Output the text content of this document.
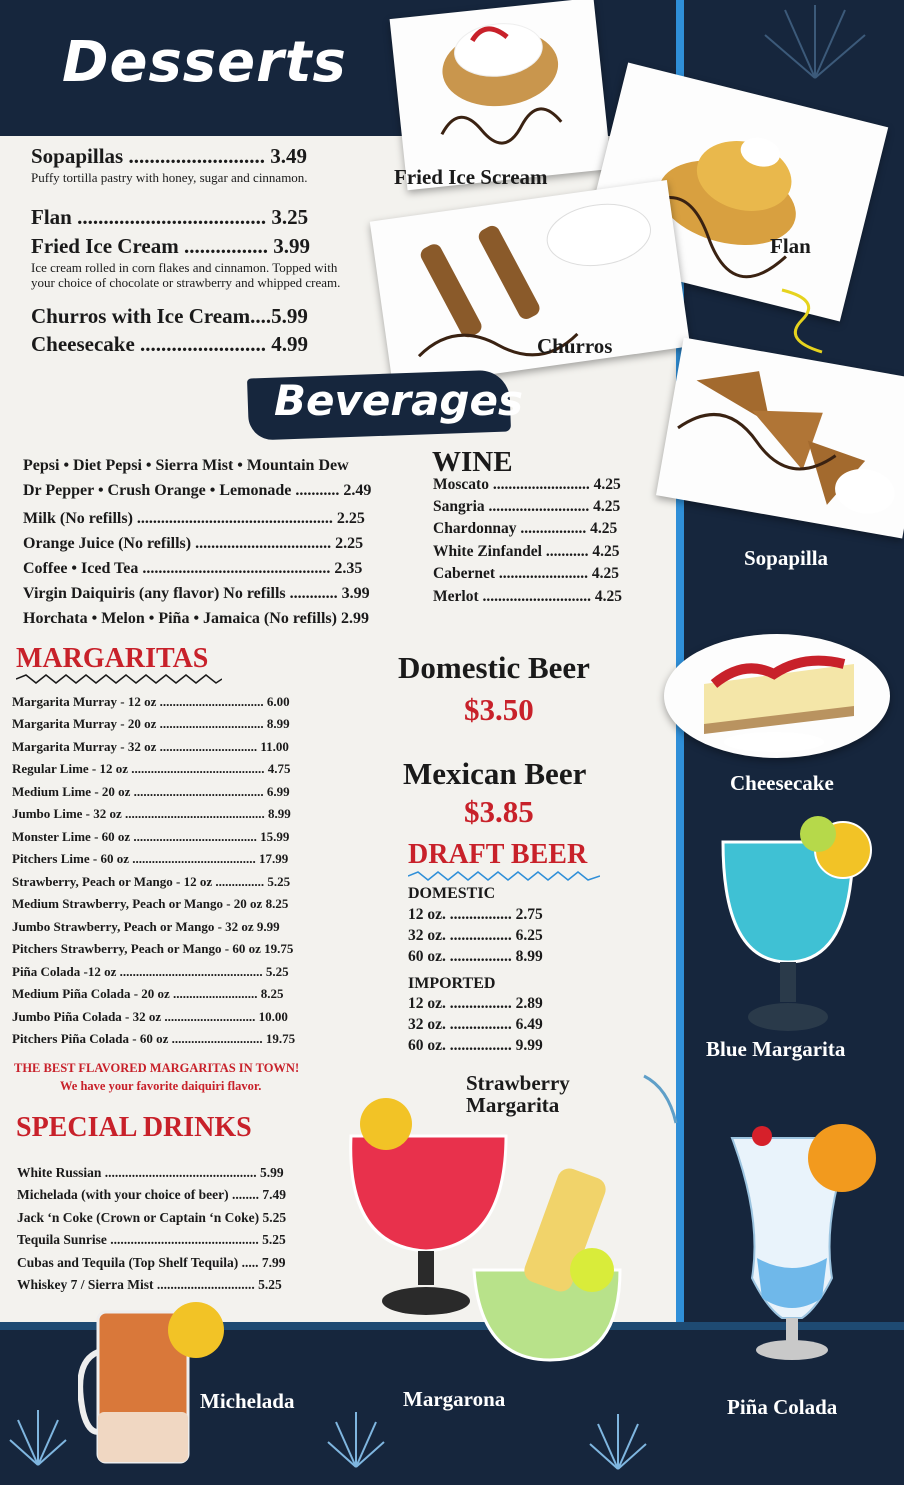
Desserts
Beverages
Sopapillas .......................... 3.49
Puffy tortilla pastry with honey, sugar and cinnamon.
Flan .................................... 3.25
Fried Ice Cream ................ 3.99
Ice cream rolled in corn flakes and cinnamon. Topped with your choice of chocolate or strawberry and whipped cream.
Churros with Ice Cream....5.99
Cheesecake ........................ 4.99
Pepsi • Diet Pepsi • Sierra Mist • Mountain Dew
Dr Pepper • Crush Orange • Lemonade ........... 2.49
Milk (No refills) ................................................. 2.25
Orange Juice (No refills) .................................. 2.25
Coffee • Iced Tea ............................................... 2.35
Virgin Daiquiris (any flavor) No refills ............ 3.99
Horchata • Melon • Piña • Jamaica (No refills) 2.99
WINE
Moscato ......................... 4.25
Sangria .......................... 4.25
Chardonnay ................. 4.25
White Zinfandel ........... 4.25
Cabernet ....................... 4.25
Merlot ............................ 4.25
MARGARITAS
Margarita Murray - 12 oz ................................ 6.00
Margarita Murray - 20 oz ................................ 8.99
Margarita Murray - 32 oz .............................. 11.00
Regular Lime - 12 oz ......................................... 4.75
Medium Lime - 20 oz ........................................ 6.99
Jumbo Lime - 32 oz ........................................... 8.99
Monster Lime - 60 oz ...................................... 15.99
Pitchers Lime - 60 oz ...................................... 17.99
Strawberry, Peach or Mango - 12 oz ............... 5.25
Medium Strawberry, Peach or Mango - 20 oz 8.25
Jumbo Strawberry, Peach or Mango - 32 oz 9.99
Pitchers Strawberry, Peach or Mango - 60 oz 19.75
Piña Colada -12 oz ............................................ 5.25
Medium Piña Colada - 20 oz .......................... 8.25
Jumbo Piña Colada - 32 oz ............................ 10.00
Pitchers Piña Colada - 60 oz ............................ 19.75
THE BEST FLAVORED MARGARITAS IN TOWN!
We have your favorite daiquiri flavor.
SPECIAL DRINKS
White Russian ............................................. 5.99
Michelada (with your choice of beer) ........ 7.49
Jack ‘n Coke (Crown or Captain ‘n Coke) 5.25
Tequila Sunrise ............................................ 5.25
Cubas and Tequila (Top Shelf Tequila) ..... 7.99
Whiskey 7 / Sierra Mist ............................. 5.25
Domestic Beer
$3.50
Mexican Beer
$3.85
DRAFT BEER
DOMESTIC
12 oz. ................ 2.75
32 oz. ................ 6.25
60 oz. ................ 8.99
IMPORTED
12 oz. ................ 2.89
32 oz. ................ 6.49
60 oz. ................ 9.99
Fried Ice Scream
Flan
Churros
Sopapilla
Cheesecake
Blue Margarita
Strawberry
Margarita
Piña Colada
Michelada	Margarona
